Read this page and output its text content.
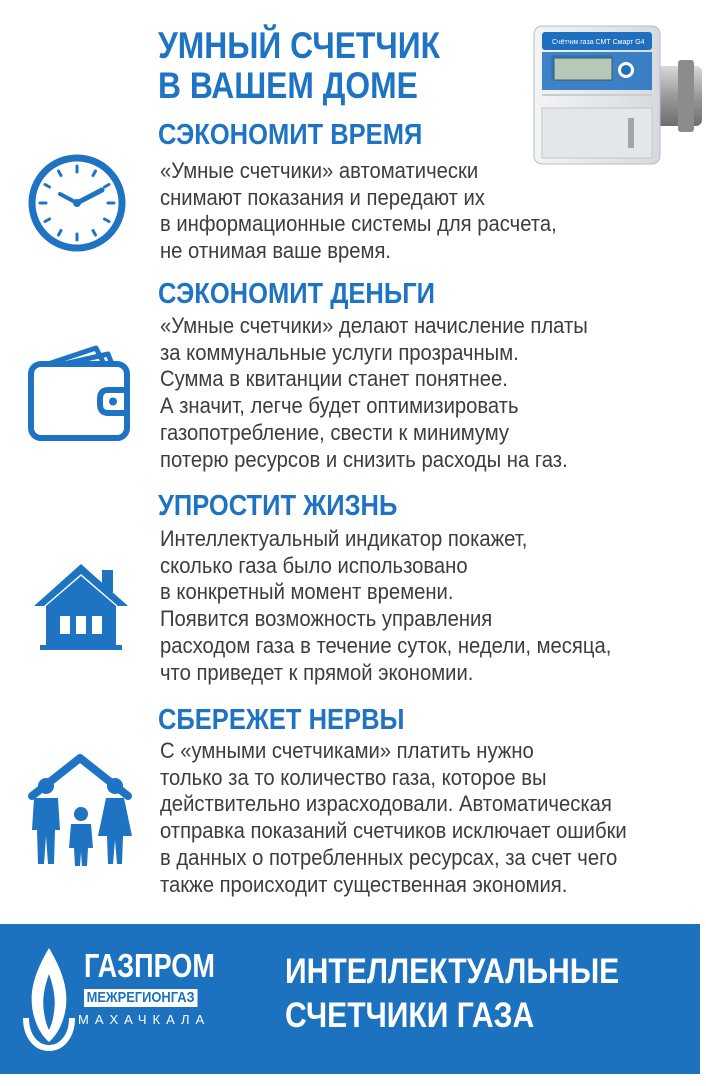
УМНЫЙ СЧЕТЧИК
В ВАШЕМ ДОМЕ
Счётчик газа СМТ Смарт G4
СЭКОНОМИТ ВРЕМЯ

«Умные счетчики» автоматически
снимают показания и передают их
в информационные системы для расчета,
не отнимая ваше время.

СЭКОНОМИТ ДЕНЬГИ

«Умные счетчики» делают начисление платы
за коммунальные услуги прозрачным.
Сумма в квитанции станет понятнее.
А значит, легче будет оптимизировать
газопотребление, свести к минимуму
потерю ресурсов и снизить расходы на газ.

УПРОСТИТ ЖИЗНЬ

Интеллектуальный индикатор покажет,
сколько газа было использовано
в конкретный момент времени.
Появится возможность управления
расходом газа в течение суток, недели, месяца,
что приведет к прямой экономии.

СБЕРЕЖЕТ НЕРВЫ

С «умными счетчиками» платить нужно
только за то количество газа, которое вы
действительно израсходовали. Автоматическая
отправка показаний счетчиков исключает ошибки
в данных о потребленных ресурсах, за счет чего
также происходит существенная экономия.

ГАЗПРОМ
МЕЖРЕГИОНГАЗ
МАХАЧКАЛА
ИНТЕЛЛЕКТУАЛЬНЫЕ
СЧЕТЧИКИ ГАЗА
